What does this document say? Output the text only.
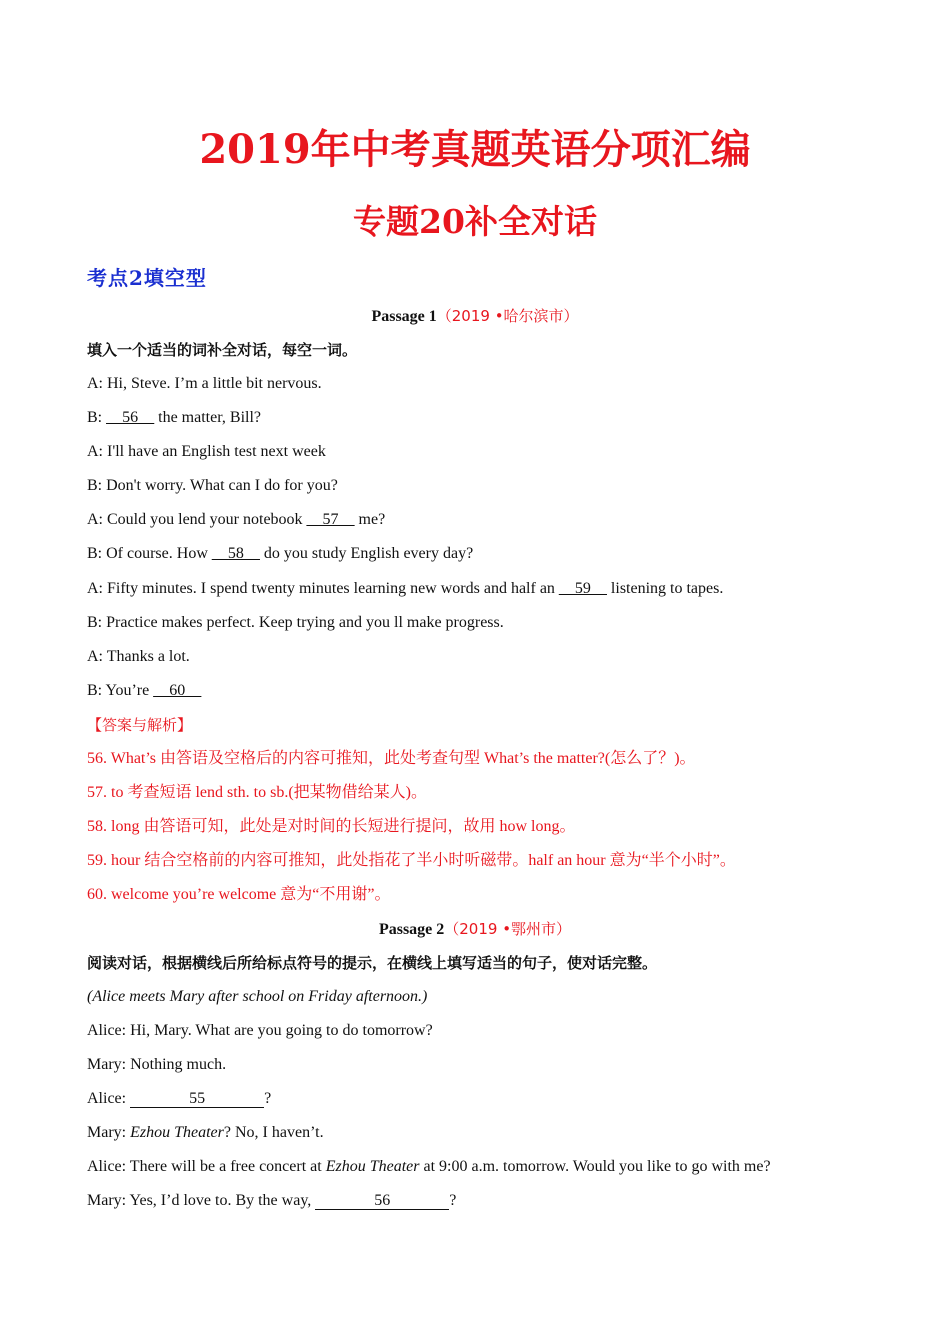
2019年中考真题英语分项汇编
专题20补全对话
考点2填空型
Passage 1（2019 •哈尔滨市）
填入一个适当的词补全对话，每空一词。
A: Hi, Steve. I’m a little bit nervous.
B: __56__ the matter, Bill?
A: I'll have an English test next week
B: Don't worry. What can I do for you?
A: Could you lend your notebook __57__ me?
B: Of course. How __58__ do you study English every day?
A: Fifty minutes. I spend twenty minutes learning new words and half an __59__ listening to tapes.
B: Practice makes perfect. Keep trying and you ll make progress.
A: Thanks a lot.
B: You’re __60__
【答案与解析】
56. What’s 由答语及空格后的内容可推知，此处考查句型 What’s the matter?(怎么了？)。
57. to 考查短语 lend sth. to sb.(把某物借给某人)。
58. long 由答语可知，此处是对时间的长短进行提问，故用 how long。
59. hour 结合空格前的内容可推知，此处指花了半小时听磁带。half an hour 意为“半个小时”。
60. welcome you’re welcome 意为“不用谢”。
Passage 2（2019 •鄂州市）
阅读对话，根据横线后所给标点符号的提示，在横线上填写适当的句子，使对话完整。
(Alice meets Mary after school on Friday afternoon.)
Alice: Hi, Mary. What are you going to do tomorrow?
Mary: Nothing much.
Alice:	55	?
Mary: Ezhou Theater? No, I haven’t.
Alice: There will be a free concert at Ezhou Theater at 9:00 a.m. tomorrow. Would you like to go with me?
Mary: Yes, I’d love to. By the way,	56	?
